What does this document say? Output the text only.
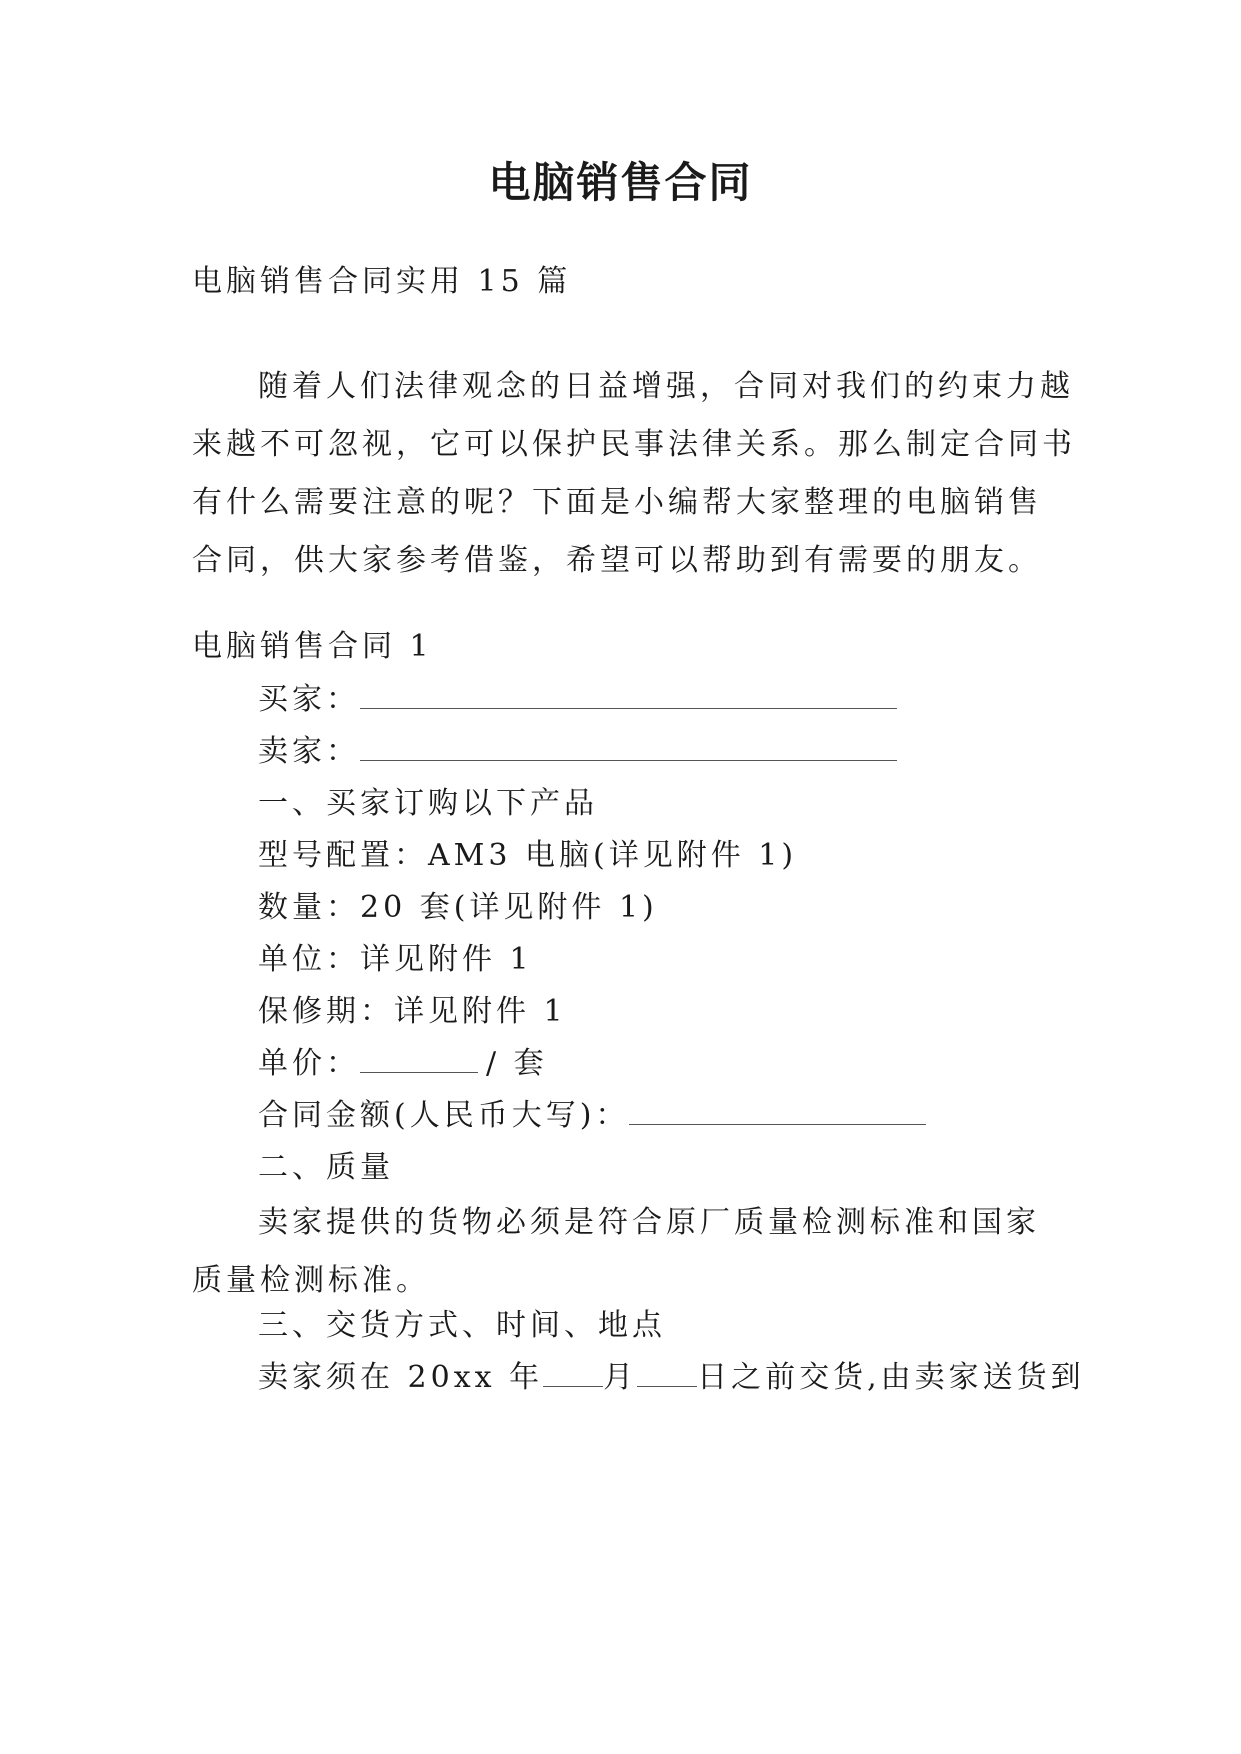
电脑销售合同
电脑销售合同实用 15 篇

随着人们法律观念的日益增强，合同对我们的约束力越

来越不可忽视，它可以保护民事法律关系。那么制定合同书

有什么需要注意的呢？下面是小编帮大家整理的电脑销售

合同，供大家参考借鉴，希望可以帮助到有需要的朋友。

电脑销售合同 1
买家：
卖家：
一、买家订购以下产品
型号配置：AM3 电脑(详见附件 1)
数量：20 套(详见附件 1)
单位：详见附件 1
保修期：详见附件 1
单价：	/ 套
合同金额(人民币大写)：
二、质量

卖家提供的货物必须是符合原厂质量检测标准和国家

质量检测标准。

三、交货方式、时间、地点
卖家须在 20xx 年 月 日之前交货,由卖家送货到
